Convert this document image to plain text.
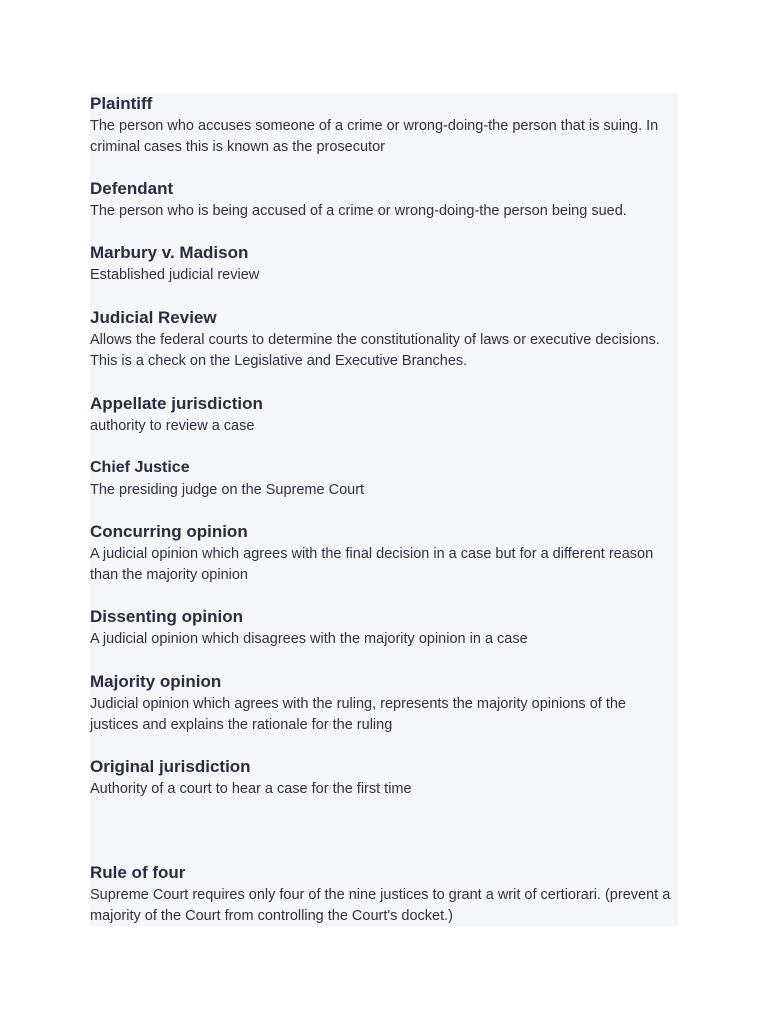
Plaintiff
The person who accuses someone of a crime or wrong-doing-the person that is suing. In criminal cases this is known as the prosecutor
Defendant
The person who is being accused of a crime or wrong-doing-the person being sued.
Marbury v. Madison
Established judicial review
Judicial Review
Allows the federal courts to determine the constitutionality of laws or executive decisions. This is a check on the Legislative and Executive Branches.
Appellate jurisdiction
authority to review a case
Chief Justice
The presiding judge on the Supreme Court
Concurring opinion
A judicial opinion which agrees with the final decision in a case but for a different reason than the majority opinion
Dissenting opinion
A judicial opinion which disagrees with the majority opinion in a case
Majority opinion
Judicial opinion which agrees with the ruling, represents the majority opinions of the justices and explains the rationale for the ruling
Original jurisdiction
Authority of a court to hear a case for the first time
Rule of four
Supreme Court requires only four of the nine justices to grant a writ of certiorari. (prevent a majority of the Court from controlling the Court's docket.)
